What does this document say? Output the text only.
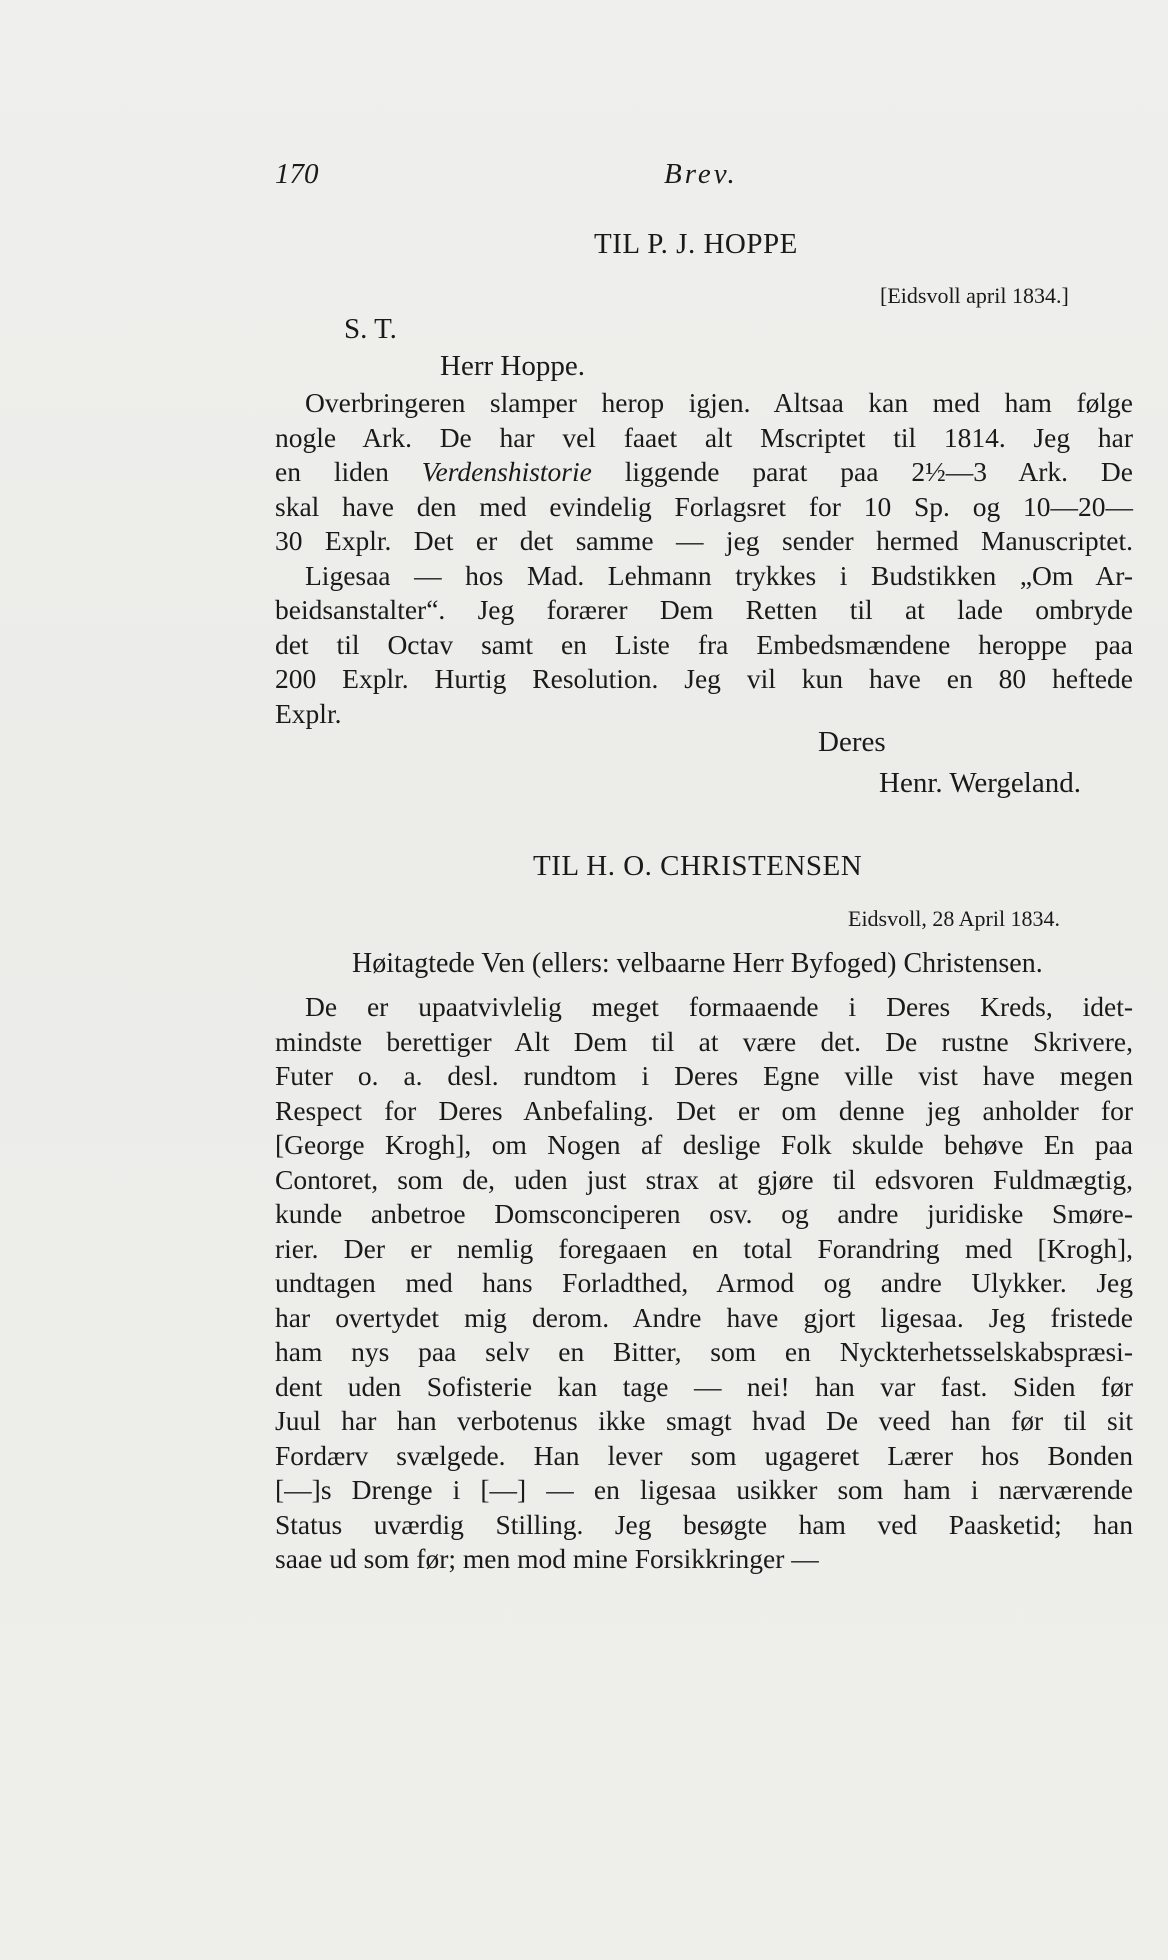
170	Brev.
TIL P. J. HOPPE
[Eidsvoll april 1834.]
S. T.
Herr Hoppe.
Overbringeren slamper herop igjen. Altsaa kan med ham følge
nogle Ark. De har vel faaet alt Mscriptet til 1814. Jeg har
en liden Verdenshistorie liggende parat paa 2½—3 Ark. De
skal have den med evindelig Forlagsret for 10 Sp. og 10—20—
30 Explr. Det er det samme — jeg sender hermed Manuscriptet.
Ligesaa — hos Mad. Lehmann trykkes i Budstikken „Om Ar-
beidsanstalter“. Jeg forærer Dem Retten til at lade ombryde
det til Octav samt en Liste fra Embedsmændene heroppe paa
200 Explr. Hurtig Resolution. Jeg vil kun have en 80 heftede
Explr.
Deres
Henr. Wergeland.
TIL H. O. CHRISTENSEN
Eidsvoll, 28 April 1834.
Høitagtede Ven (ellers: velbaarne Herr Byfoged) Christensen.
De er upaatvivlelig meget formaaende i Deres Kreds, idet-
mindste berettiger Alt Dem til at være det. De rustne Skrivere,
Futer o. a. desl. rundtom i Deres Egne ville vist have megen
Respect for Deres Anbefaling. Det er om denne jeg anholder for
[George Krogh], om Nogen af deslige Folk skulde behøve En paa
Contoret, som de, uden just strax at gjøre til edsvoren Fuldmægtig,
kunde anbetroe Domsconciperen osv. og andre juridiske Smøre-
rier. Der er nemlig foregaaen en total Forandring med [Krogh],
undtagen med hans Forladthed, Armod og andre Ulykker. Jeg
har overtydet mig derom. Andre have gjort ligesaa. Jeg fristede
ham nys paa selv en Bitter, som en Nyckterhetsselskabspræsi-
dent uden Sofisterie kan tage — nei! han var fast. Siden før
Juul har han verbotenus ikke smagt hvad De veed han før til sit
Fordærv svælgede. Han lever som ugageret Lærer hos Bonden
[—]s Drenge i [—] — en ligesaa usikker som ham i nærværende
Status uværdig Stilling. Jeg besøgte ham ved Paasketid; han
saae ud som før; men mod mine Forsikkringer —
